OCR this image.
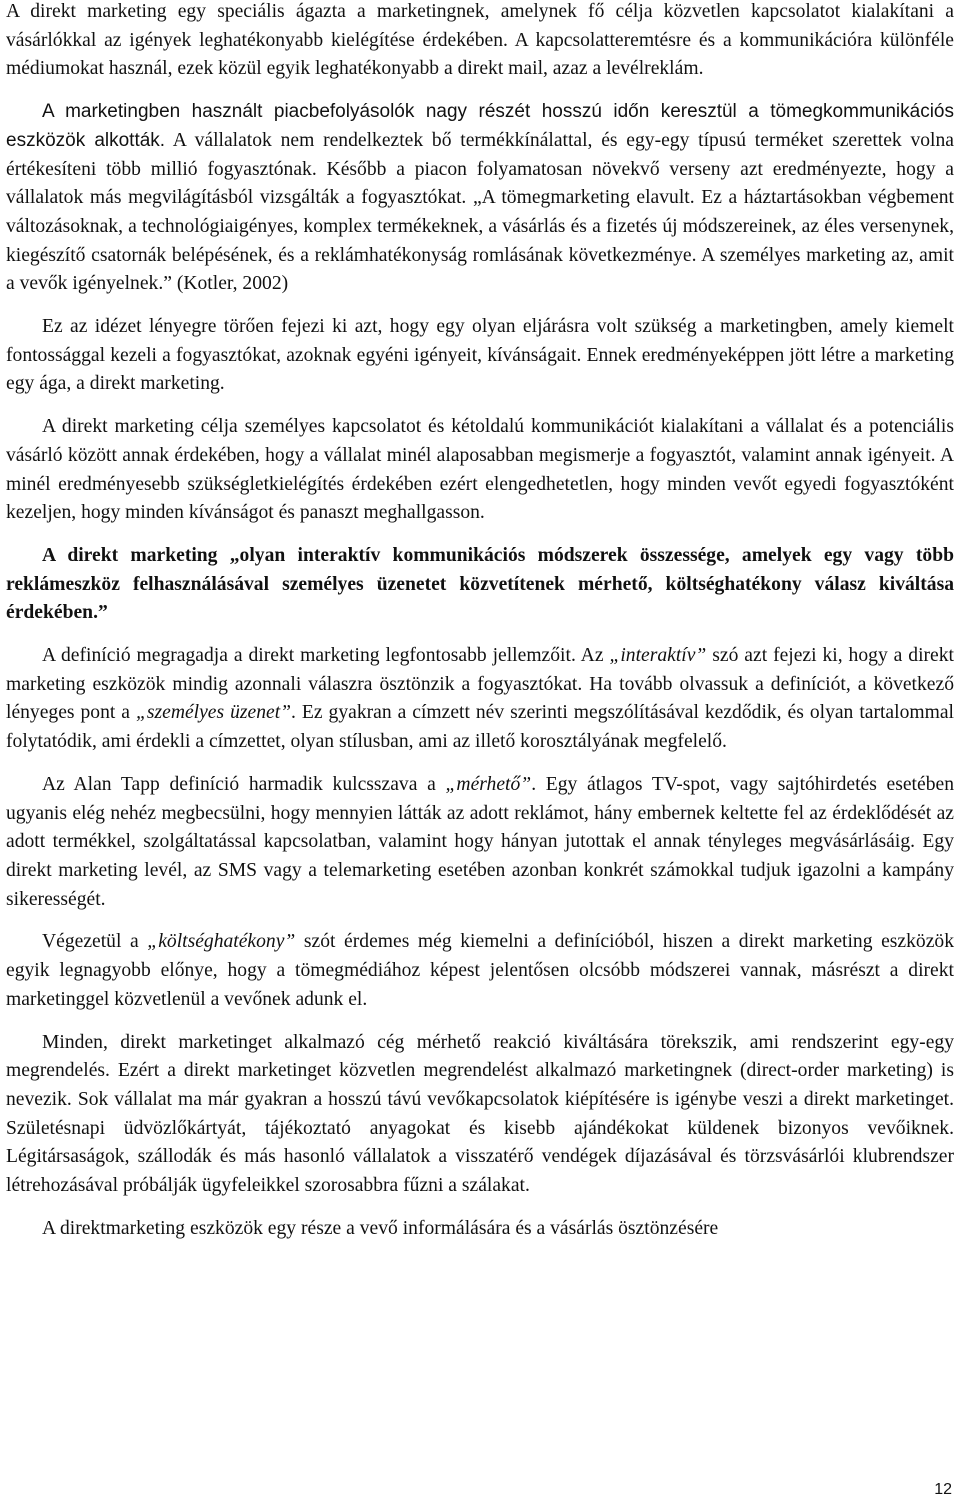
A direkt marketing egy speciális ágazta a marketingnek, amelynek fő célja közvetlen kapcsolatot kialakítani a vásárlókkal az igények leghatékonyabb kielégítése érdekében. A kapcsolatteremtésre és a kommunikációra különféle médiumokat használ, ezek közül egyik leghatékonyabb a direkt mail, azaz a levélreklám.

A marketingben használt piacbefolyásolók nagy részét hosszú időn keresztül a tömegkommunikációs eszközök alkották. A vállalatok nem rendelkeztek bő termékkínálattal, és egy-egy típusú terméket szerettek volna értékesíteni több millió fogyasztónak. Később a piacon folyamatosan növekvő verseny azt eredményezte, hogy a vállalatok más megvilágításból vizsgálták a fogyasztókat. „A tömegmarketing elavult. Ez a háztartásokban végbement változásoknak, a technológiaigényes, komplex termékeknek, a vásárlás és a fizetés új módszereinek, az éles versenynek, kiegészítő csatornák belépésének, és a reklámhatékonyság romlásának következménye. A személyes marketing az, amit a vevők igényelnek.” (Kotler, 2002)

Ez az idézet lényegre törően fejezi ki azt, hogy egy olyan eljárásra volt szükség a marketingben, amely kiemelt fontossággal kezeli a fogyasztókat, azoknak egyéni igényeit, kívánságait. Ennek eredményeképpen jött létre a marketing egy ága, a direkt marketing.

A direkt marketing célja személyes kapcsolatot és kétoldalú kommunikációt kialakítani a vállalat és a potenciális vásárló között annak érdekében, hogy a vállalat minél alaposabban megismerje a fogyasztót, valamint annak igényeit. A minél eredményesebb szükségletkielégítés érdekében ezért elengedhetetlen, hogy minden vevőt egyedi fogyasztóként kezeljen, hogy minden kívánságot és panaszt meghallgasson.

A direkt marketing „olyan interaktív kommunikációs módszerek összessége, amelyek egy vagy több reklámeszköz felhasználásával személyes üzenetet közvetítenek mérhető, költséghatékony válasz kiváltása érdekében.”

A definíció megragadja a direkt marketing legfontosabb jellemzőit. Az „interaktív” szó azt fejezi ki, hogy a direkt marketing eszközök mindig azonnali válaszra ösztönzik a fogyasztókat. Ha tovább olvassuk a definíciót, a következő lényeges pont a „személyes üzenet”. Ez gyakran a címzett név szerinti megszólításával kezdődik, és olyan tartalommal folytatódik, ami érdekli a címzettet, olyan stílusban, ami az illető korosztályának megfelelő.

Az Alan Tapp definíció harmadik kulcsszava a „mérhető”. Egy átlagos TV-spot, vagy sajtóhirdetés esetében ugyanis elég nehéz megbecsülni, hogy mennyien látták az adott reklámot, hány embernek keltette fel az érdeklődését az adott termékkel, szolgáltatással kapcsolatban, valamint hogy hányan jutottak el annak tényleges megvásárlásáig. Egy direkt marketing levél, az SMS vagy a telemarketing esetében azonban konkrét számokkal tudjuk igazolni a kampány sikerességét.

Végezetül a „költséghatékony” szót érdemes még kiemelni a definícióból, hiszen a direkt marketing eszközök egyik legnagyobb előnye, hogy a tömegmédiához képest jelentősen olcsóbb módszerei vannak, másrészt a direkt marketinggel közvetlenül a vevőnek adunk el.

Minden, direkt marketinget alkalmazó cég mérhető reakció kiváltására törekszik, ami rendszerint egy-egy megrendelés. Ezért a direkt marketinget közvetlen megrendelést alkalmazó marketingnek (direct-order marketing) is nevezik. Sok vállalat ma már gyakran a hosszú távú vevőkapcsolatok kiépítésére is igénybe veszi a direkt marketinget. Születésnapi üdvözlőkártyát, tájékoztató anyagokat és kisebb ajándékokat küldenek bizonyos vevőiknek. Légitársaságok, szállodák és más hasonló vállalatok a visszatérő vendégek díjazásával és törzsvásárlói klubrendszer létrehozásával próbálják ügyfeleikkel szorosabbra fűzni a szálakat.

A direktmarketing eszközök egy része a vevő informálására és a vásárlás ösztönzésére

12
